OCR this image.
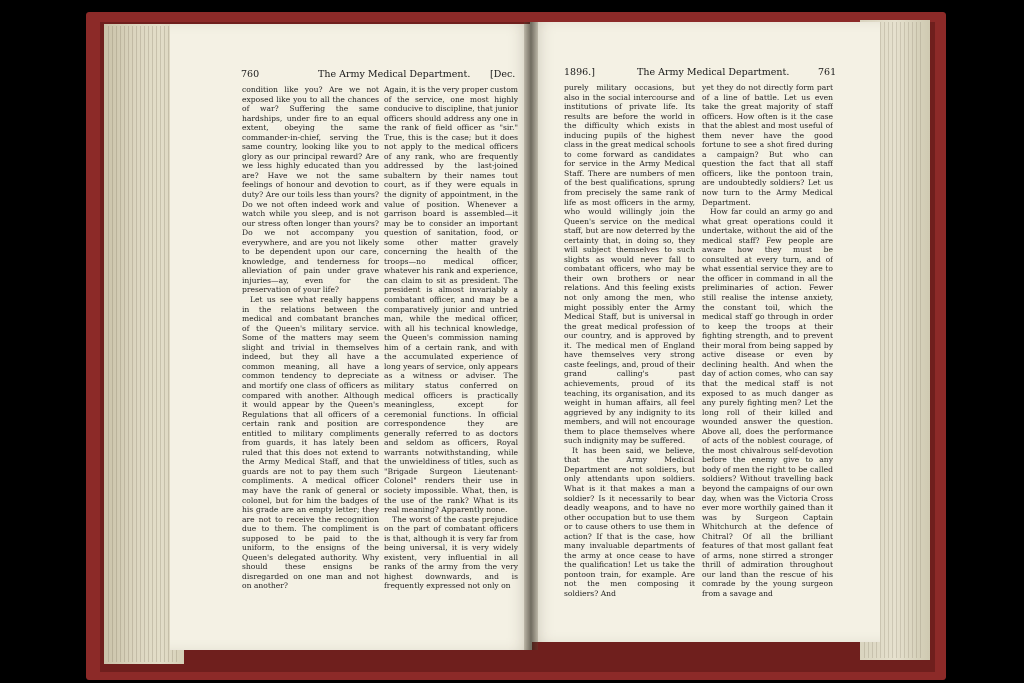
760	The Army Medical Department. [Dec.

condition like you? Are we not exposed like you to all the chances of war? Suffering the same hardships, under fire to an equal extent, obeying the same commander-in-chief, serving the same country, looking like you to glory as our principal reward? Are we less highly educated than you are? Have we not the same feelings of honour and devotion to duty? Are our toils less than yours? Do we not often indeed work and watch while you sleep, and is not our stress often longer than yours? Do we not accompany you everywhere, and are you not likely to be dependent upon our care, knowledge, and tenderness for alleviation of pain under grave injuries—ay, even for the preservation of your life?

Let us see what really happens in the relations between the medical and combatant branches of the Queen's military service. Some of the matters may seem slight and trivial in themselves indeed, but they all have a common meaning, all have a common tendency to depreciate and mortify one class of officers as compared with another. Although it would appear by the Queen's Regulations that all officers of a certain rank and position are entitled to military compliments from guards, it has lately been ruled that this does not extend to the Army Medical Staff, and that guards are not to pay them such compliments. A medical officer may have the rank of general or colonel, but for him the badges of his grade are an empty letter; they are not to receive the recognition due to them. The compliment is supposed to be paid to the uniform, to the ensigns of the Queen's delegated authority. Why should these ensigns be disregarded on one man and not on another?

Again, it is the very proper custom of the service, one most highly conducive to discipline, that junior officers should address any one in the rank of field officer as "sir." True, this is the case; but it does not apply to the medical officers of any rank, who are frequently addressed by the last-joined subaltern by their names tout court, as if they were equals in the dignity of appointment, in the value of position. Whenever a garrison board is assembled—it may be to consider an important question of sanitation, food, or some other matter gravely concerning the health of the troops—no medical officer, whatever his rank and experience, can claim to sit as president. The president is almost invariably a combatant officer, and may be a comparatively junior and untried man, while the medical officer, with all his technical knowledge, the Queen's commission naming him of a certain rank, and with the accumulated experience of long years of service, only appears as a witness or adviser. The military status conferred on medical officers is practically meaningless, except for ceremonial functions. In official correspondence they are generally referred to as doctors and seldom as officers, Royal warrants notwithstanding, while the unwieldiness of titles, such as "Brigade Surgeon Lieutenant-Colonel" renders their use in society impossible. What, then, is the use of the rank? What is its real meaning? Apparently none.

The worst of the caste prejudice on the part of combatant officers is that, although it is very far from being universal, it is very widely existent, very influential in all ranks of the army from the very highest downwards, and is frequently expressed not only on

1896.]	The Army Medical Department.	761

purely military occasions, but also in the social intercourse and institutions of private life. Its results are before the world in the difficulty which exists in inducing pupils of the highest class in the great medical schools to come forward as candidates for service in the Army Medical Staff. There are numbers of men of the best qualifications, sprung from precisely the same rank of life as most officers in the army, who would willingly join the Queen's service on the medical staff, but are now deterred by the certainty that, in doing so, they will subject themselves to such slights as would never fall to combatant officers, who may be their own brothers or near relations. And this feeling exists not only among the men, who might possibly enter the Army Medical Staff, but is universal in the great medical profession of our country, and is approved by it. The medical men of England have themselves very strong caste feelings, and, proud of their grand calling's past achievements, proud of its teaching, its organisation, and its weight in human affairs, all feel aggrieved by any indignity to its members, and will not encourage them to place themselves where such indignity may be suffered.

It has been said, we believe, that the Army Medical Department are not soldiers, but only attendants upon soldiers. What is it that makes a man a soldier? Is it necessarily to bear deadly weapons, and to have no other occupation but to use them or to cause others to use them in action? If that is the case, how many invaluable departments of the army at once cease to have the qualification! Let us take the pontoon train, for example. Are not the men composing it soldiers? And

yet they do not directly form part of a line of battle. Let us even take the great majority of staff officers. How often is it the case that the ablest and most useful of them never have the good fortune to see a shot fired during a campaign? But who can question the fact that all staff officers, like the pontoon train, are undoubtedly soldiers? Let us now turn to the Army Medical Department.

How far could an army go and what great operations could it undertake, without the aid of the medical staff? Few people are aware how they must be consulted at every turn, and of what essential service they are to the officer in command in all the preliminaries of action. Fewer still realise the intense anxiety, the constant toil, which the medical staff go through in order to keep the troops at their fighting strength, and to prevent their moral from being sapped by active disease or even by declining health. And when the day of action comes, who can say that the medical staff is not exposed to as much danger as any purely fighting men? Let the long roll of their killed and wounded answer the question. Above all, does the performance of acts of the noblest courage, of the most chivalrous self-devotion before the enemy give to any body of men the right to be called soldiers? Without travelling back beyond the campaigns of our own day, when was the Victoria Cross ever more worthily gained than it was by Surgeon Captain Whitchurch at the defence of Chitral? Of all the brilliant features of that most gallant feat of arms, none stirred a stronger thrill of admiration throughout our land than the rescue of his comrade by the young surgeon from a savage and
